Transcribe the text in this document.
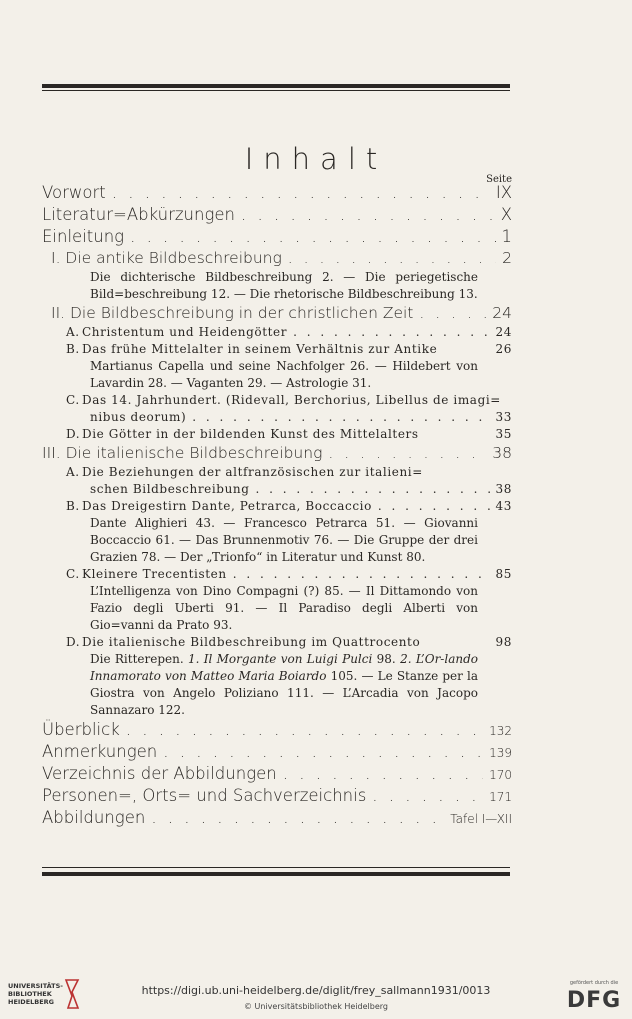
Inhalt
Seite
Vorwort . . .	IX
Literatur=Abkürzungen . . .	X
Einleitung . . .	1
I. Die antike Bildbeschreibung . . .	2
Die dichterische Bildbeschreibung 2. — Die periegetische Bild=beschreibung 12. — Die rhetorische Bildbeschreibung 13.
II. Die Bildbeschreibung in der christlichen Zeit . . .	24
A. Christentum und Heidengötter . . .	24
B. Das frühe Mittelalter in seinem Verhältnis zur Antike	26
Martianus Capella und seine Nachfolger 26. — Hildebert von Lavardin 28. — Vaganten 29. — Astrologie 31.
C. Das 14. Jahrhundert. (Ridevall, Berchorius, Libellus de imagi=
nibus deorum) . . .	33
D. Die Götter in der bildenden Kunst des Mittelalters	35
III. Die italienische Bildbeschreibung . . .	38
A. Die Beziehungen der altfranzösischen zur italieni=
schen Bildbeschreibung . . .	38
B. Das Dreigestirn Dante, Petrarca, Boccaccio . . .	43
Dante Alighieri 43. — Francesco Petrarca 51. — Giovanni Boccaccio 61. — Das Brunnenmotiv 76. — Die Gruppe der drei Grazien 78. — Der „Trionfo“ in Literatur und Kunst 80.
C. Kleinere Trecentisten . . .	85
L’Intelligenza von Dino Compagni (?) 85. — Il Dittamondo von Fazio degli Uberti 91. — Il Paradiso degli Alberti von Gio=vanni da Prato 93.
D. Die italienische Bildbeschreibung im Quattrocento	98
Die Ritterepen. 1. Il Morgante von Luigi Pulci 98. 2. L’Or-lando Innamorato von Matteo Maria Boiardo 105. — Le Stanze per la Giostra von Angelo Poliziano 111. — L’Arcadia von Jacopo Sannazaro 122.
Überblick . . .	132
Anmerkungen . . .	139
Verzeichnis der Abbildungen . . .	170
Personen=, Orts= und Sachverzeichnis . . .	171
Abbildungen . . .	Tafel I—XII
UNIVERSITÄTS-
BIBLIOTHEK
HEIDELBERG
https://digi.ub.uni-heidelberg.de/diglit/frey_sallmann1931/0013
© Universitätsbibliothek Heidelberg
gefördert durch die
DFG
